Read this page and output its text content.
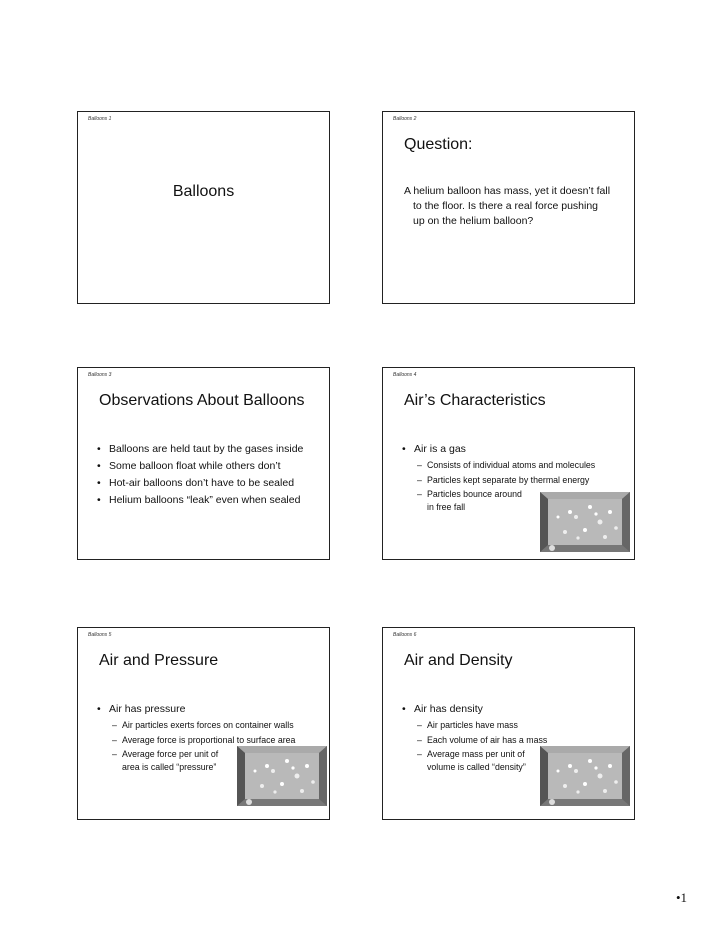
Balloons 1
Balloons
Balloons 2
Question:
A helium balloon has mass, yet it doesn’t fall
to the floor. Is there a real force pushing
up on the helium balloon?
Balloons 3
Observations About Balloons
• Balloons are held taut by the gases inside
• Some balloon float while others don’t
• Hot-air balloons don’t have to be sealed
• Helium balloons “leak” even when sealed
Balloons 4
Air’s Characteristics
• Air is a gas
– Consists of individual atoms and molecules
– Particles kept separate by thermal energy
– Particles bounce around
in free fall
Balloons 5
Air and Pressure
• Air has pressure
– Air particles exerts forces on container walls
– Average force is proportional to surface area
– Average force per unit of
area is called “pressure”
Balloons 6
Air and Density
• Air has density
– Air particles have mass
– Each volume of air has a mass
– Average mass per unit of
volume is called “density”
•1
